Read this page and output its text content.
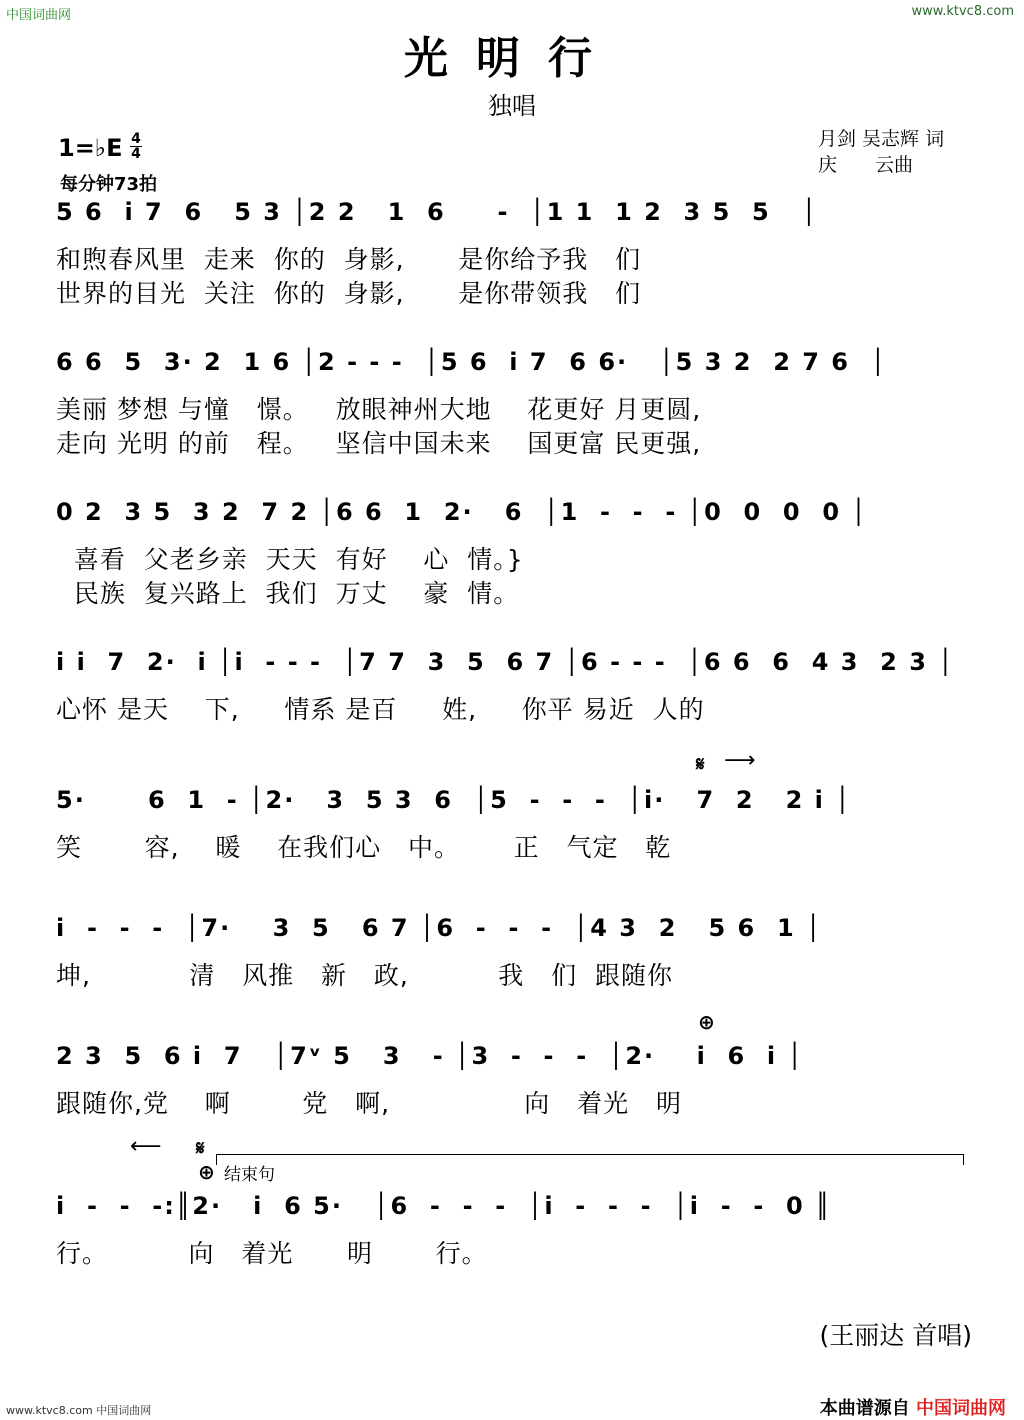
中国词曲网	www.ktvc8.com
光明行
独唱
月剑 吴志辉 词
庆　　云曲
1=♭E 4
4
每分钟73拍
5 6  i 7  6   5 3 │2 2   1  6     -  │1 1  1 2  3 5  5   │
和煦春风里  走来  你的  身影,      是你给予我   们
世界的目光  关注  你的  身影,      是你带领我   们
6 6  5  3· 2  1 6 │2 - - -  │5 6  i 7  6 6·   │5 3 2  2 7 6  │
美丽 梦想 与憧   憬。   放眼神州大地    花更好 月更圆,
走向 光明 的前   程。   坚信中国未来    国更富 民更强,
0 2  3 5  3 2  7 2 │6 6  1  2·   6  │1  -  -  - │0  0  0  0 │
喜看  父老乡亲  天天  有好    心  情。}
民族  复兴路上  我们  万丈    豪  情。
i i  7  2·  i │i  - - -  │7 7  3  5  6 7 │6 - - -  │6 6  6  4 3  2 3 │
心怀 是天    下,     情系 是百     姓,     你平 易近  人的
𝄋 ⟶
5·      6  1  - │2·   3  5 3  6  │5  -  -  -  │i·   7  2   2 i │
笑       容,    暖    在我们心   中。      正   气定   乾
i  -  -  -  │7·    3  5   6 7 │6  -  -  -  │4 3  2   5 6  1 │
坤,           清   风推   新   政,          我   们  跟随你
⊕
2 3  5  6 i  7   │7ᵛ 5   3   - │3  -  -  -  │2·    i  6  i │
跟随你,党    啊        党   啊,               向   着光   明
⟵ 𝄋
⊕ 结束句
i  -  -  -:║2·   i  6 5·   │6  -  -  -  │i  -  -  -  │i  -  -  0 ║
行。         向   着光      明       行。
(王丽达 首唱)
www.ktvc8.com 中国词曲网	本曲谱源自 中国词曲网
